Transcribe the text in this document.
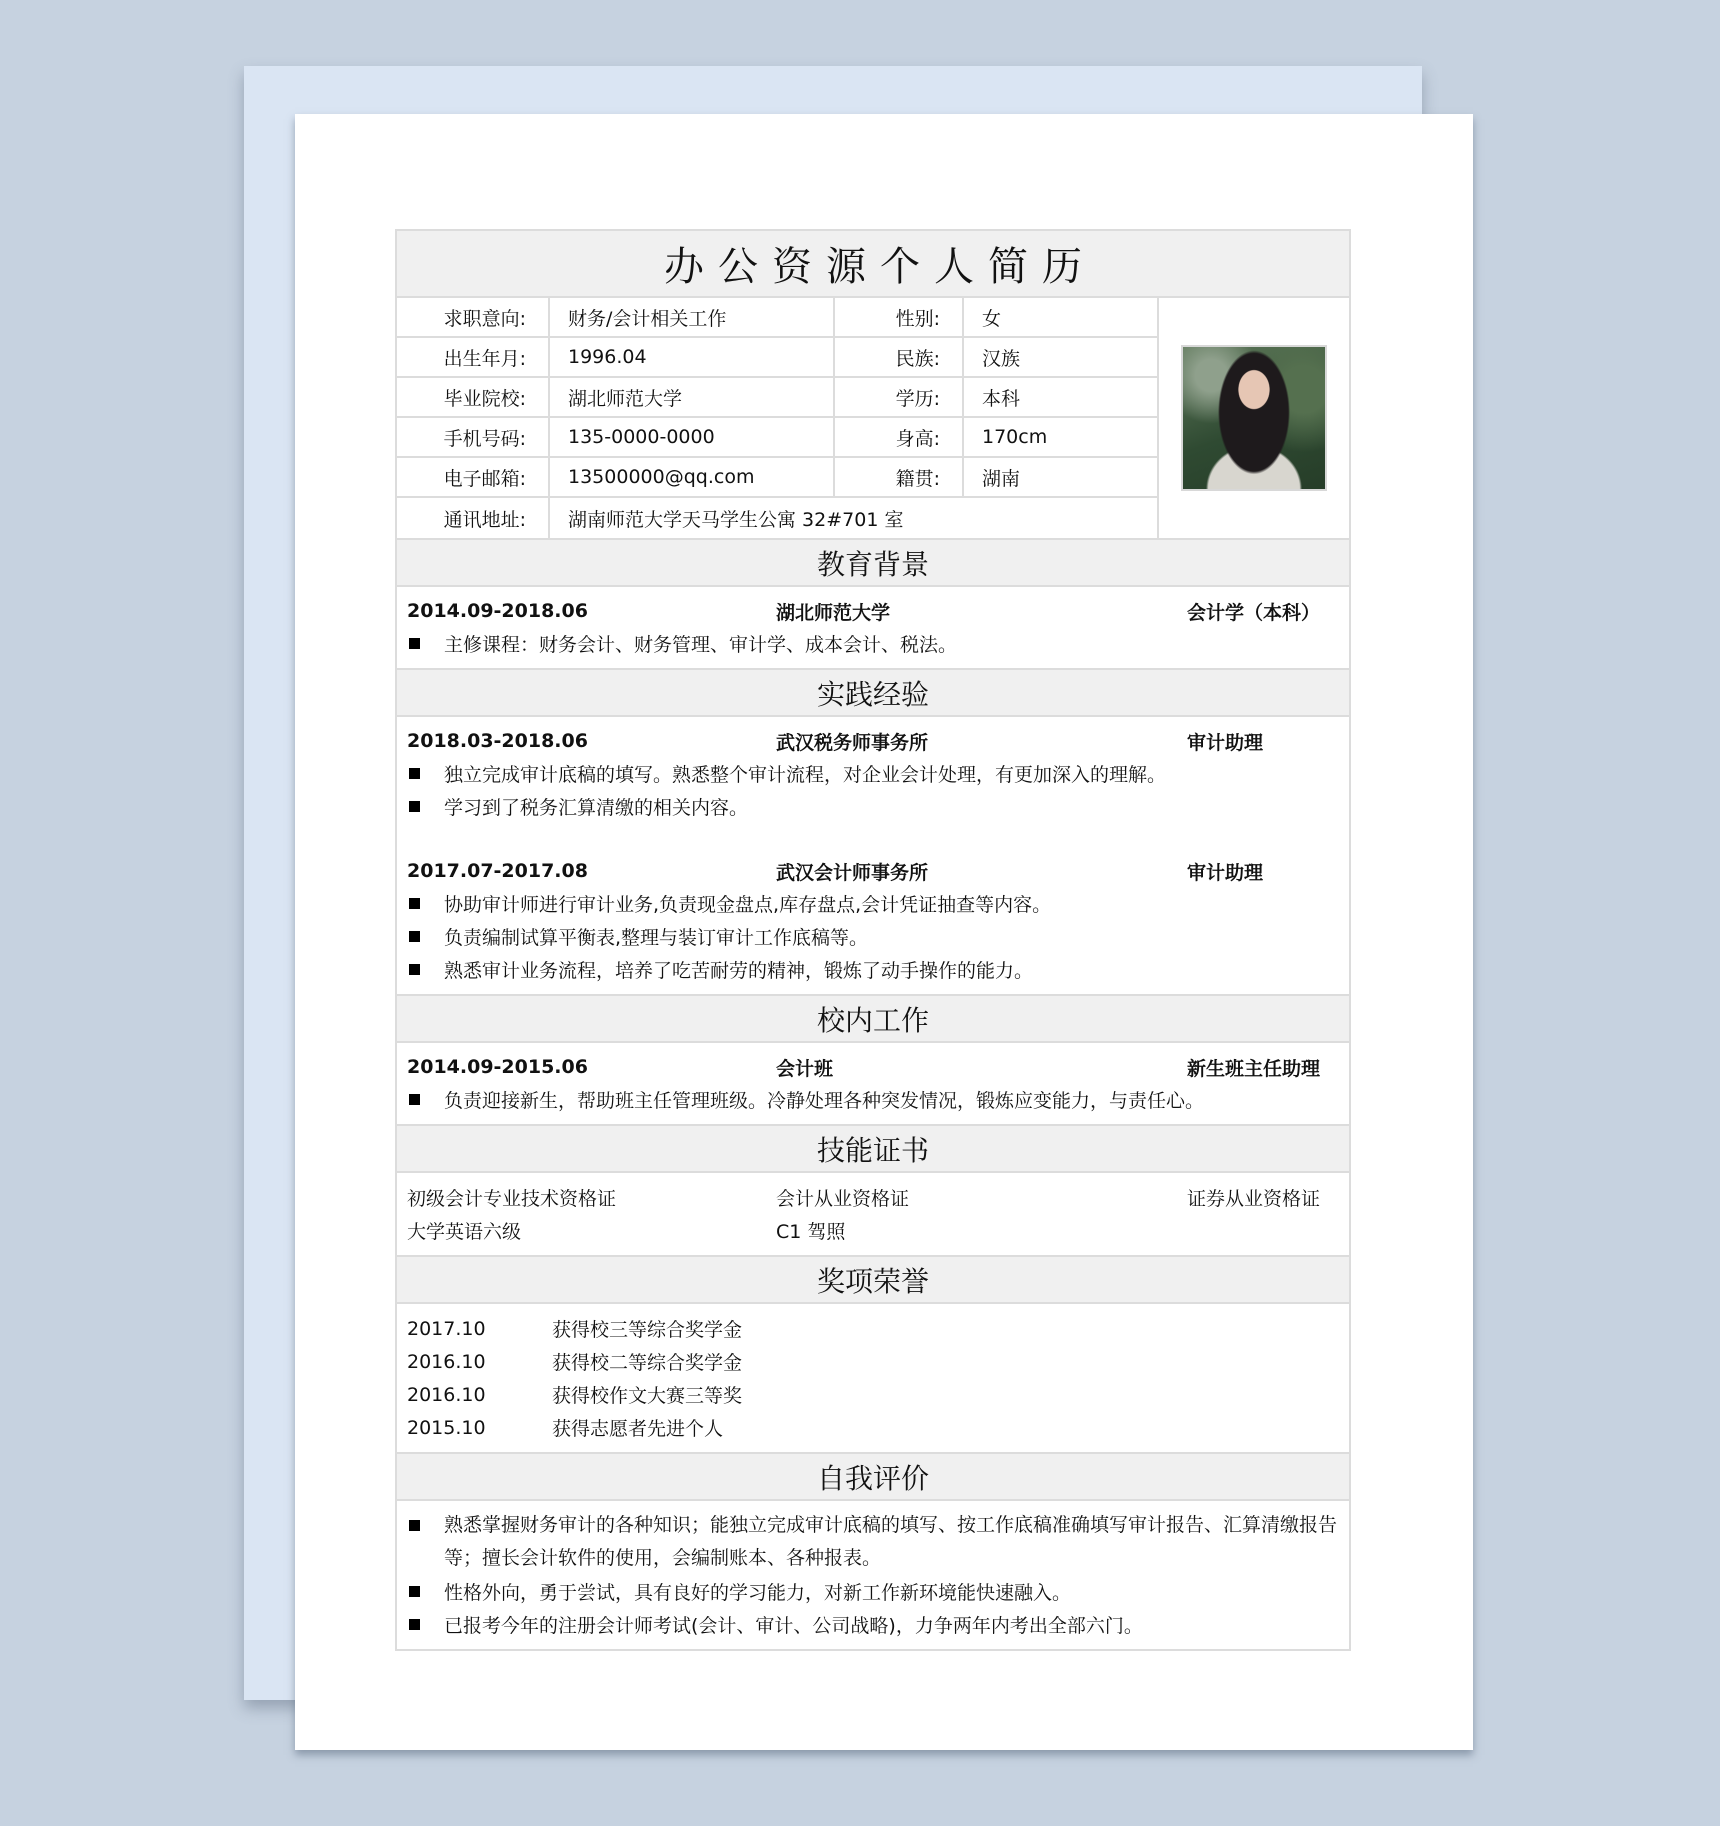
办公资源个人简历
求职意向:	财务/会计相关工作	性别:	女
出生年月:	1996.04	民族:	汉族
毕业院校:	湖北师范大学	学历:	本科
手机号码:	135-0000-0000	身高:	170cm
电子邮箱:	13500000@qq.com	籍贯:	湖南
通讯地址:	湖南师范大学天马学生公寓 32#701 室
教育背景
2014.09-2018.06	湖北师范大学	会计学（本科）
主修课程：财务会计、财务管理、审计学、成本会计、税法。
实践经验
2018.03-2018.06	武汉税务师事务所	审计助理
独立完成审计底稿的填写。熟悉整个审计流程，对企业会计处理，有更加深入的理解。
学习到了税务汇算清缴的相关内容。
2017.07-2017.08	武汉会计师事务所	审计助理
协助审计师进行审计业务,负责现金盘点,库存盘点,会计凭证抽查等内容。
负责编制试算平衡表,整理与装订审计工作底稿等。
熟悉审计业务流程，培养了吃苦耐劳的精神，锻炼了动手操作的能力。
校内工作
2014.09-2015.06	会计班	新生班主任助理
负责迎接新生，帮助班主任管理班级。冷静处理各种突发情况，锻炼应变能力，与责任心。
技能证书
初级会计专业技术资格证	会计从业资格证	证券从业资格证
大学英语六级	C1 驾照
奖项荣誉
2017.10	获得校三等综合奖学金
2016.10	获得校二等综合奖学金
2016.10	获得校作文大赛三等奖
2015.10	获得志愿者先进个人
自我评价
熟悉掌握财务审计的各种知识；能独立完成审计底稿的填写、按工作底稿准确填写审计报告、汇算清缴报告等；擅长会计软件的使用，会编制账本、各种报表。
性格外向，勇于尝试，具有良好的学习能力，对新工作新环境能快速融入。
已报考今年的注册会计师考试(会计、审计、公司战略)，力争两年内考出全部六门。
